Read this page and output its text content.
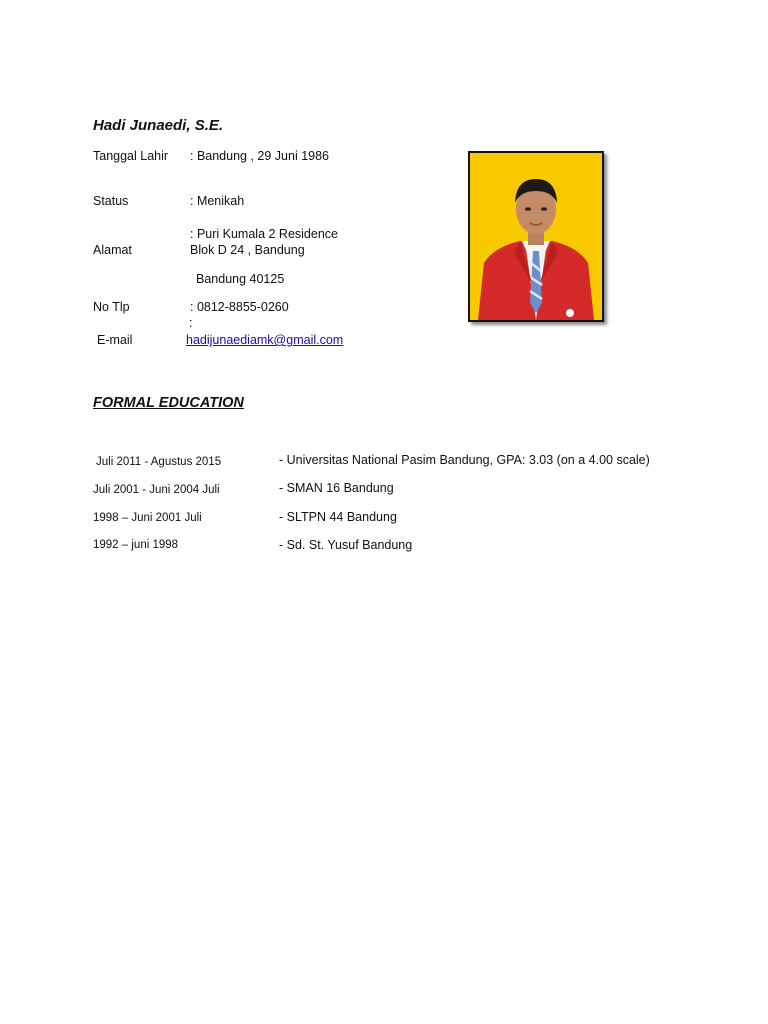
Hadi Junaedi, S.E.
Tanggal Lahir : Bandung , 29 Juni 1986
Status	: Menikah
: Puri Kumala 2 Residence
Alamat	Blok D 24 , Bandung
Bandung 40125
No Tlp	: 0812-8855-0260
:
E-mail	hadijunaediamk@gmail.com
FORMAL EDUCATION
Juli 2011 - Agustus 2015	- Universitas National Pasim Bandung, GPA: 3.03 (on a 4.00 scale)
Juli 2001 - Juni 2004 Juli	- SMAN 16 Bandung
1998 – Juni 2001 Juli	- SLTPN 44 Bandung
1992 – juni 1998	- Sd. St. Yusuf Bandung
